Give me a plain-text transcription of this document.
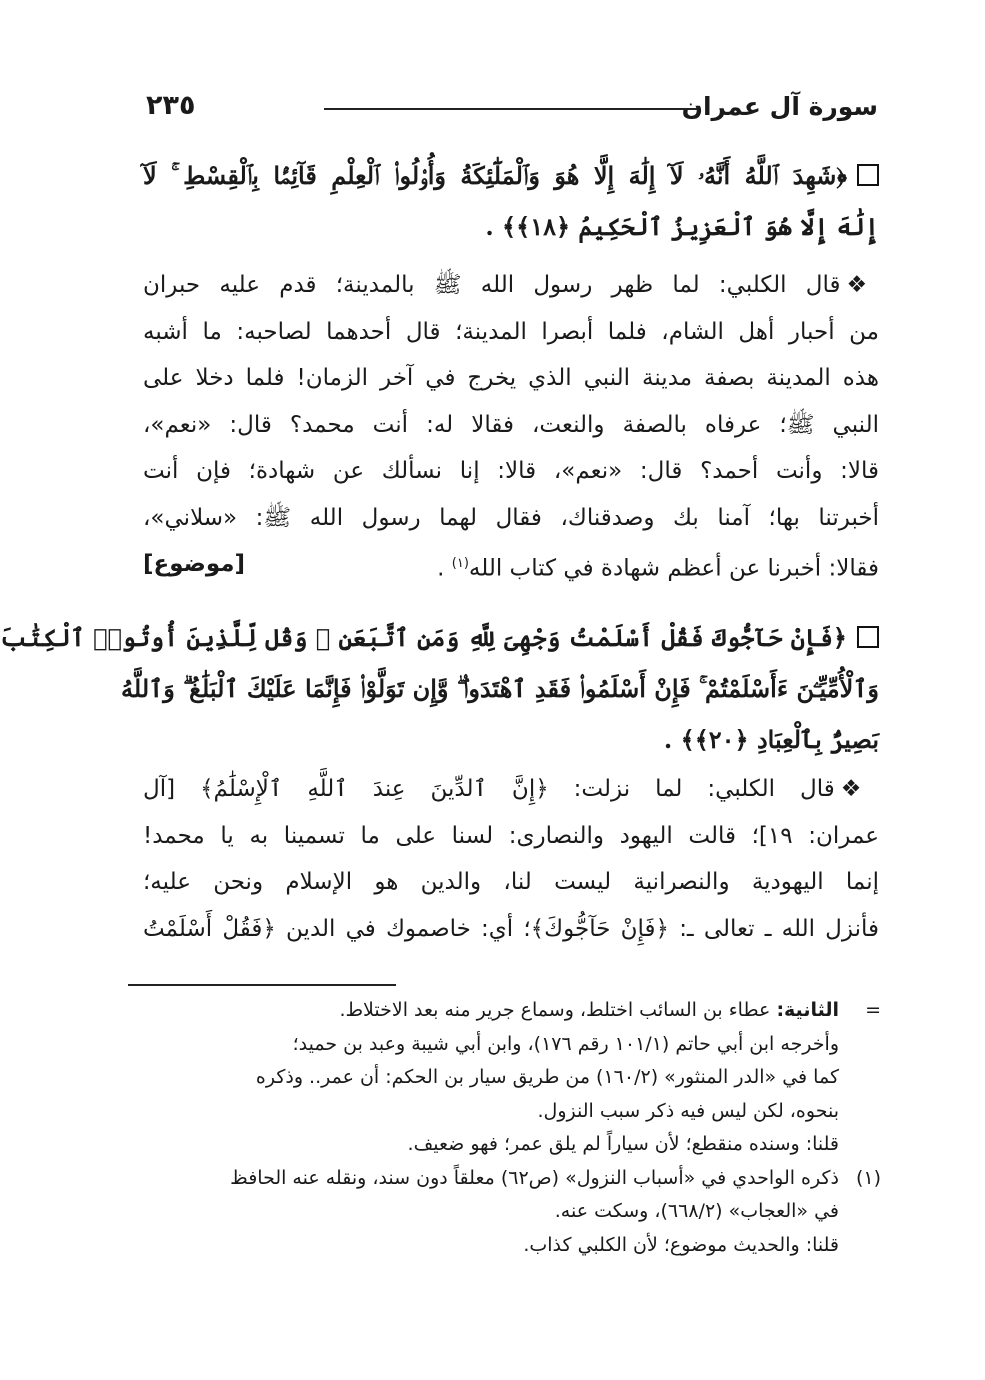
سورة آل عمران
٢٣٥
﴿شَهِدَ ٱللَّهُ أَنَّهُۥ لَآ إِلَٰهَ إِلَّا هُوَ وَٱلْمَلَٰٓئِكَةُ وَأُو۟لُوا۟ ٱلْعِلْمِ قَآئِمًۢا بِٱلْقِسْطِ ۚ لَآ
إِلَٰهَ إِلَّا هُوَ ٱلْعَزِيزُ ٱلْحَكِيمُ ﴿١٨﴾﴾ .
❖قال الكلبي: لما ظهر رسول الله ﷺ بالمدينة؛ قدم عليه حبران
من أحبار أهل الشام، فلما أبصرا المدينة؛ قال أحدهما لصاحبه: ما أشبه
هذه المدينة بصفة مدينة النبي الذي يخرج في آخر الزمان! فلما دخلا على
النبي ﷺ؛ عرفاه بالصفة والنعت، فقالا له: أنت محمد؟ قال: «نعم»،
قالا: وأنت أحمد؟ قال: «نعم»، قالا: إنا نسألك عن شهادة؛ فإن أنت
أخبرتنا بها؛ آمنا بك وصدقناك، فقال لهما رسول الله ﷺ: «سلاني»،
فقالا: أخبرنا عن أعظم شهادة في كتاب الله$^{(١)}$ .
[موضوع]
﴿فَإِنْ حَآجُّوكَ فَقُلْ أَسْلَمْتُ وَجْهِىَ لِلَّهِ وَمَنِ ٱتَّبَعَنِ ۗ وَقُل لِّلَّذِينَ أُوتُوا۟ ٱلْكِتَٰبَ
وَٱلْأُمِّيِّـۧنَ ءَأَسْلَمْتُمْ ۚ فَإِنْ أَسْلَمُوا۟ فَقَدِ ٱهْتَدَوا۟ ۖ وَّإِن تَوَلَّوْا۟ فَإِنَّمَا عَلَيْكَ ٱلْبَلَٰغُ ۗ وَٱللَّهُ
بَصِيرٌۢ بِٱلْعِبَادِ ﴿٢٠﴾﴾ .
❖قال الكلبي: لما نزلت: ﴿إِنَّ ٱلدِّينَ عِندَ ٱللَّهِ ٱلْإِسْلَٰمُ﴾ [آل
عمران: ١٩]؛ قالت اليهود والنصارى: لسنا على ما تسمينا به يا محمد!
إنما اليهودية والنصرانية ليست لنا، والدين هو الإسلام ونحن عليه؛
فأنزل الله ـ تعالى ـ: ﴿فَإِنْ حَآجُّوكَ﴾؛ أي: خاصموك في الدين ﴿فَقُلْ أَسْلَمْتُ
=الثانية: عطاء بن السائب اختلط، وسماع جرير منه بعد الاختلاط.
وأخرجه ابن أبي حاتم (١٠١/١ رقم ١٧٦)، وابن أبي شيبة وعبد بن حميد؛
كما في «الدر المنثور» (١٦٠/٢) من طريق سيار بن الحكم: أن عمر.. وذكره
بنحوه، لكن ليس فيه ذكر سبب النزول.
قلنا: وسنده منقطع؛ لأن سياراً لم يلق عمر؛ فهو ضعيف.
(١)ذكره الواحدي في «أسباب النزول» (ص٦٢) معلقاً دون سند، ونقله عنه الحافظ
في «العجاب» (٦٦٨/٢)، وسكت عنه.
قلنا: والحديث موضوع؛ لأن الكلبي كذاب.
